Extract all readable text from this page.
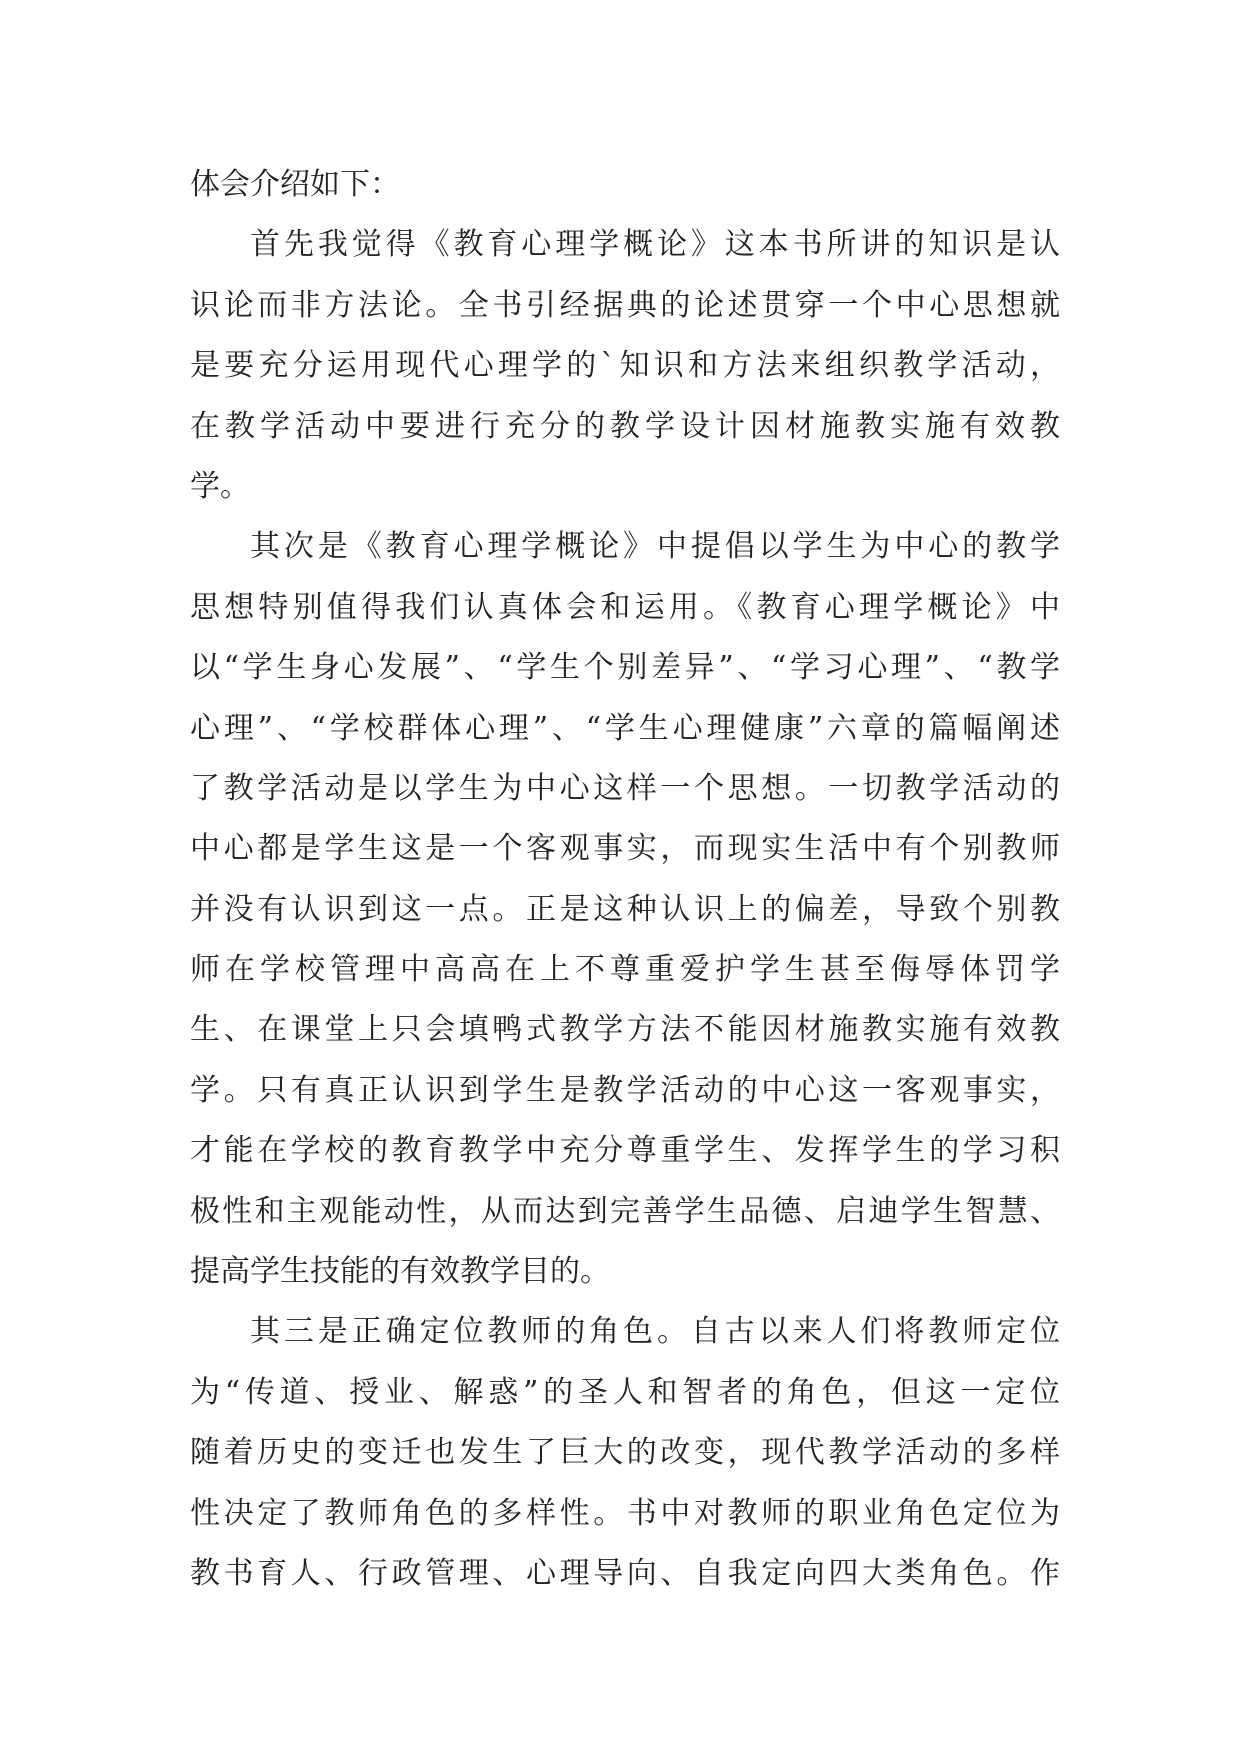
体会介绍如下：
首先我觉得《教育心理学概论》这本书所讲的知识是认
识论而非方法论。全书引经据典的论述贯穿一个中心思想就
是要充分运用现代心理学的`知识和方法来组织教学活动，
在教学活动中要进行充分的教学设计因材施教实施有效教
学。
其次是《教育心理学概论》中提倡以学生为中心的教学
思想特别值得我们认真体会和运用。《教育心理学概论》中
以“学生身心发展”、“学生个别差异”、“学习心理”、“教学
心理”、“学校群体心理”、“学生心理健康”六章的篇幅阐述
了教学活动是以学生为中心这样一个思想。一切教学活动的
中心都是学生这是一个客观事实，而现实生活中有个别教师
并没有认识到这一点。正是这种认识上的偏差，导致个别教
师在学校管理中高高在上不尊重爱护学生甚至侮辱体罚学
生、在课堂上只会填鸭式教学方法不能因材施教实施有效教
学。只有真正认识到学生是教学活动的中心这一客观事实，
才能在学校的教育教学中充分尊重学生、发挥学生的学习积
极性和主观能动性，从而达到完善学生品德、启迪学生智慧、
提高学生技能的有效教学目的。
其三是正确定位教师的角色。自古以来人们将教师定位
为“传道、授业、解惑”的圣人和智者的角色，但这一定位
随着历史的变迁也发生了巨大的改变，现代教学活动的多样
性决定了教师角色的多样性。书中对教师的职业角色定位为
教书育人、行政管理、心理导向、自我定向四大类角色。作
